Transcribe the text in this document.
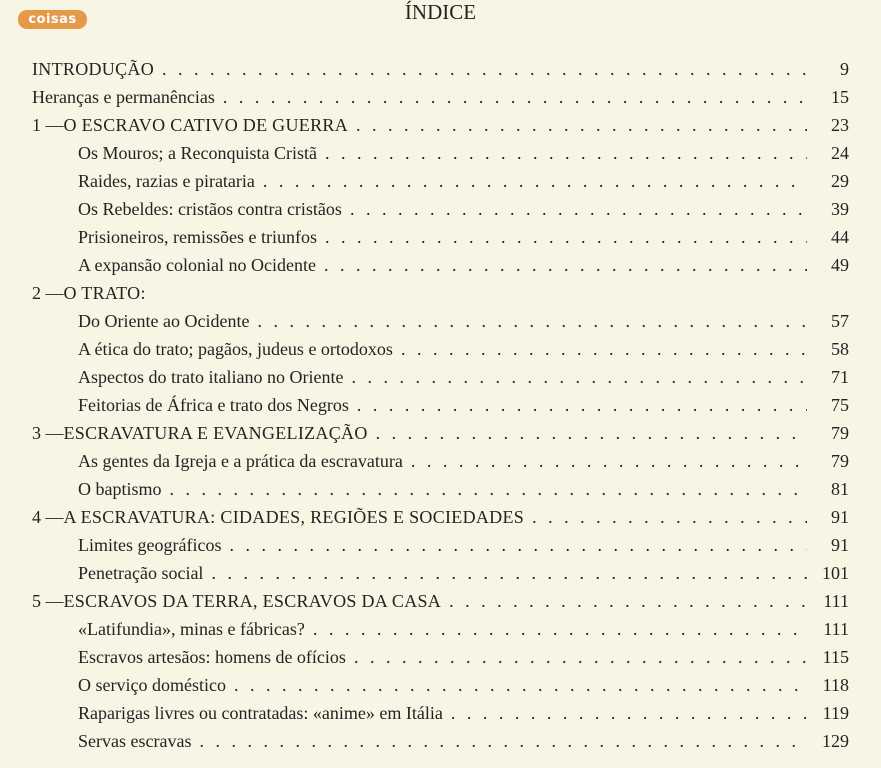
coisas	ÍNDICE
INTRODUÇÃO . . .	9
Heranças e permanências . . .	15
1 — O ESCRAVO CATIVO DE GUERRA . . .	23
Os Mouros; a Reconquista Cristã . . .	24
Raides, razias e pirataria . . .	29
Os Rebeldes: cristãos contra cristãos . . .	39
Prisioneiros, remissões e triunfos . . .	44
A expansão colonial no Ocidente . . .	49
2 — O TRATO:
Do Oriente ao Ocidente . . .	57
A ética do trato; pagãos, judeus e ortodoxos . . .	58
Aspectos do trato italiano no Oriente . . .	71
Feitorias de África e trato dos Negros . . .	75
3 — ESCRAVATURA E EVANGELIZAÇÃO . . .	79
As gentes da Igreja e a prática da escravatura . . .	79
O baptismo . . .	81
4 — A ESCRAVATURA: CIDADES, REGIÕES E SOCIEDADES . . .	91
Limites geográficos . . .	91
Penetração social . . .	101
5 — ESCRAVOS DA TERRA, ESCRAVOS DA CASA . . .	111
«Latifundia», minas e fábricas? . . .	111
Escravos artesãos: homens de ofícios . . .	115
O serviço doméstico . . .	118
Raparigas livres ou contratadas: «anime» em Itália . . .	119
Servas escravas . . .	129
